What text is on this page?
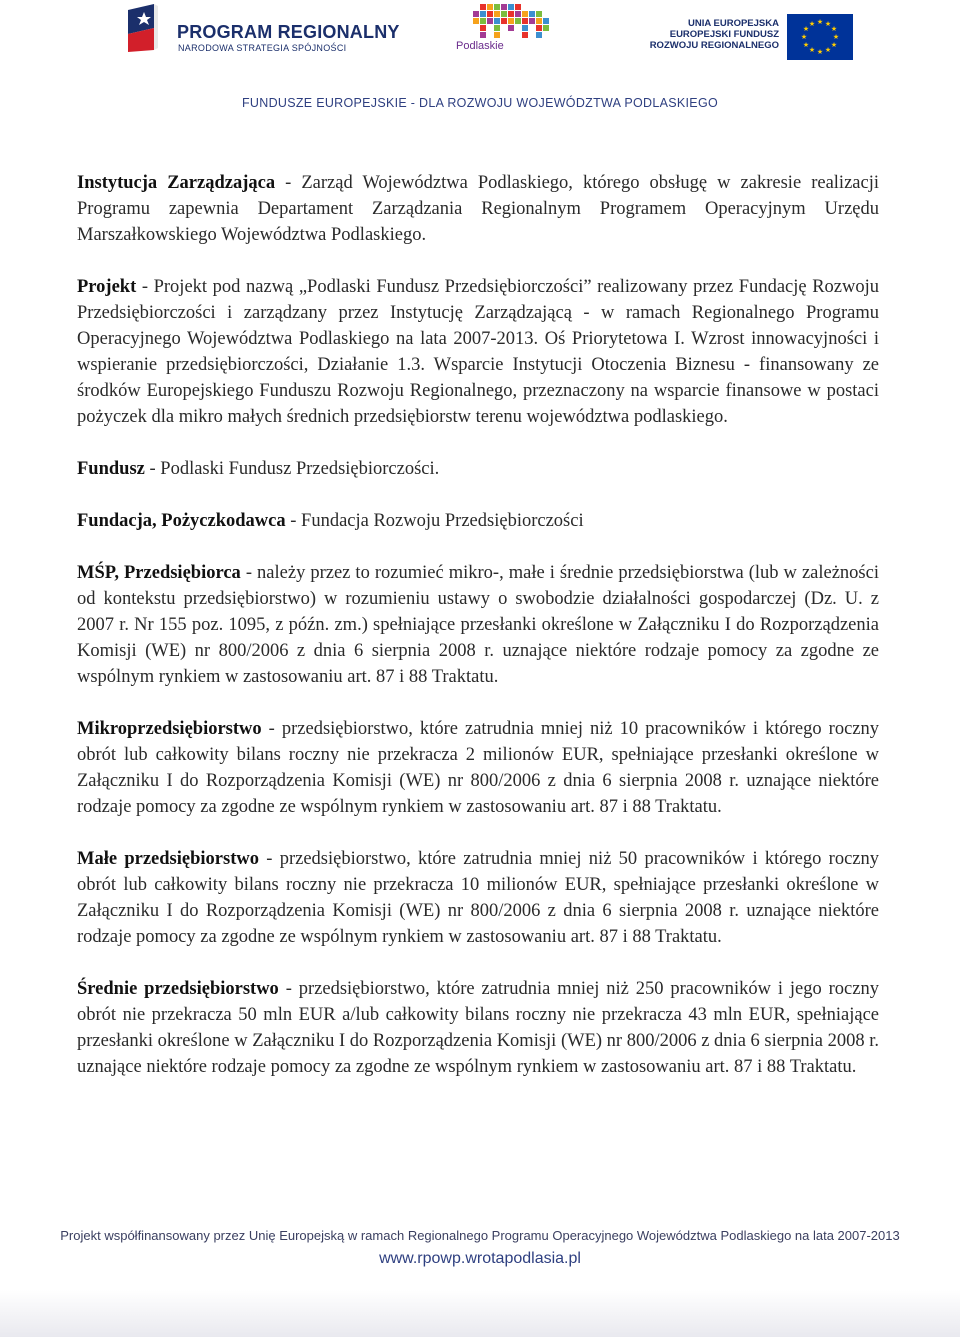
PROGRAM REGIONALNY
NARODOWA STRATEGIA SPÓJNOŚCI	Podlaskie
UNIA EUROPEJSKA
EUROPEJSKI FUNDUSZ
ROZWOJU REGIONALNEGO
★ ★
★
★
★
★
★
★
★
★
★
★
FUNDUSZE EUROPEJSKIE - DLA ROZWOJU WOJEWÓDZTWA PODLASKIEGO

Instytucja Zarządzająca - Zarząd Województwa Podlaskiego, którego obsługę w zakresie realizacji Programu zapewnia Departament Zarządzania Regionalnym Programem Operacyjnym Urzędu Marszałkowskiego Województwa Podlaskiego.

Projekt - Projekt pod nazwą „Podlaski Fundusz Przedsiębiorczości” realizowany przez Fundację Rozwoju Przedsiębiorczości i zarządzany przez Instytucję Zarządzającą - w ramach Regionalnego Programu Operacyjnego Województwa Podlaskiego na lata 2007-2013. Oś Priorytetowa I. Wzrost innowacyjności i wspieranie przedsiębiorczości, Działanie 1.3. Wsparcie Instytucji Otoczenia Biznesu - finansowany ze środków Europejskiego Funduszu Rozwoju Regionalnego, przeznaczony na wsparcie finansowe w postaci pożyczek dla mikro małych średnich przedsiębiorstw terenu województwa podlaskiego.

Fundusz - Podlaski Fundusz Przedsiębiorczości.

Fundacja, Pożyczkodawca - Fundacja Rozwoju Przedsiębiorczości

MŚP, Przedsiębiorca - należy przez to rozumieć mikro-, małe i średnie przedsiębiorstwa (lub w zależności od kontekstu przedsiębiorstwo) w rozumieniu ustawy o swobodzie działalności gospodarczej (Dz. U. z 2007 r. Nr 155 poz. 1095, z późn. zm.) spełniające przesłanki określone w Załączniku I do Rozporządzenia Komisji (WE) nr 800/2006 z dnia 6 sierpnia 2008 r. uznające niektóre rodzaje pomocy za zgodne ze wspólnym rynkiem w zastosowaniu art. 87 i 88 Traktatu.

Mikroprzedsiębiorstwo - przedsiębiorstwo, które zatrudnia mniej niż 10 pracowników i którego roczny obrót lub całkowity bilans roczny nie przekracza 2 milionów EUR, spełniające przesłanki określone w Załączniku I do Rozporządzenia Komisji (WE) nr 800/2006 z dnia 6 sierpnia 2008 r. uznające niektóre rodzaje pomocy za zgodne ze wspólnym rynkiem w zastosowaniu art. 87 i 88 Traktatu.

Małe przedsiębiorstwo - przedsiębiorstwo, które zatrudnia mniej niż 50 pracowników i którego roczny obrót lub całkowity bilans roczny nie przekracza 10 milionów EUR, spełniające przesłanki określone w Załączniku I do Rozporządzenia Komisji (WE) nr 800/2006 z dnia 6 sierpnia 2008 r. uznające niektóre rodzaje pomocy za zgodne ze wspólnym rynkiem w zastosowaniu art. 87 i 88 Traktatu.

Średnie przedsiębiorstwo - przedsiębiorstwo, które zatrudnia mniej niż 250 pracowników i jego roczny obrót nie przekracza 50 mln EUR a/lub całkowity bilans roczny nie przekracza 43 mln EUR, spełniające przesłanki określone w Załączniku I do Rozporządzenia Komisji (WE) nr 800/2006 z dnia 6 sierpnia 2008 r. uznające niektóre rodzaje pomocy za zgodne ze wspólnym rynkiem w zastosowaniu art. 87 i 88 Traktatu.

Projekt współfinansowany przez Unię Europejską w ramach Regionalnego Programu Operacyjnego Województwa Podlaskiego na lata 2007-2013
www.rpowp.wrotapodlasia.pl
